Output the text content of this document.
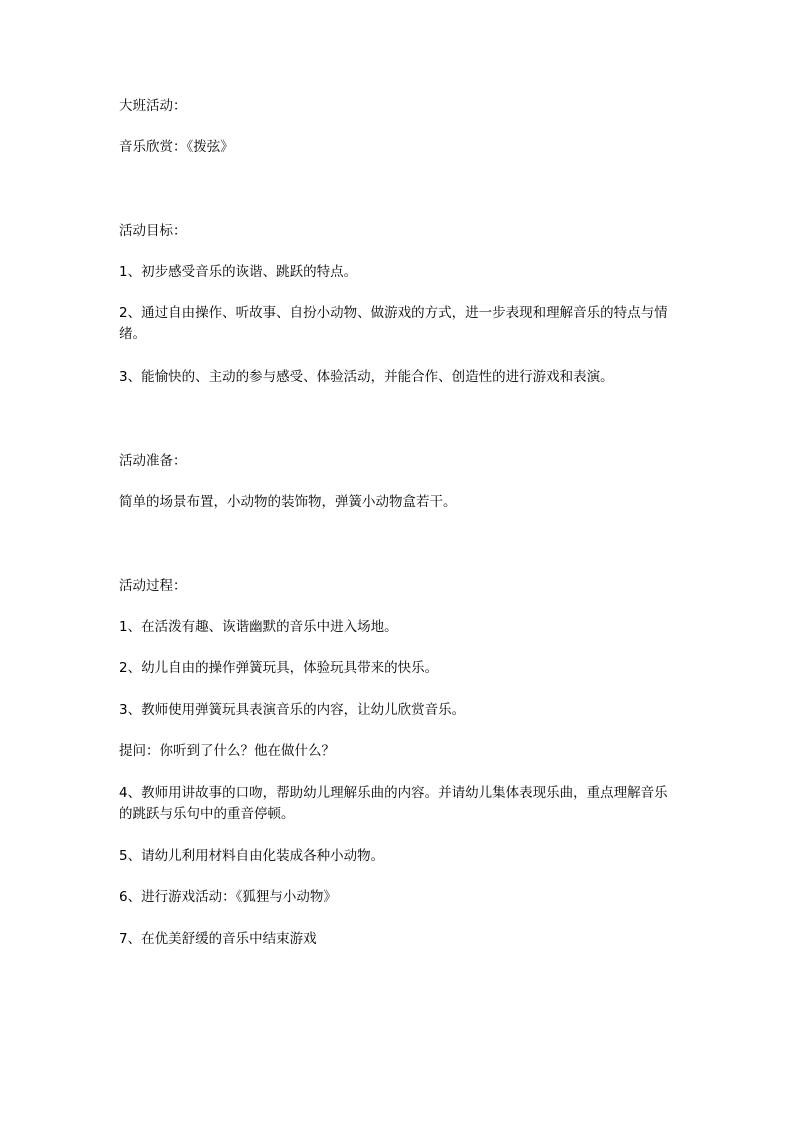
大班活动：

音乐欣赏：《拨弦》

活动目标：

1、初步感受音乐的诙谐、跳跃的特点。

2、通过自由操作、听故事、自扮小动物、做游戏的方式，进一步表现和理解音乐的特点与情绪。

3、能愉快的、主动的参与感受、体验活动，并能合作、创造性的进行游戏和表演。

活动准备：

简单的场景布置，小动物的装饰物，弹簧小动物盒若干。

活动过程：

1、在活泼有趣、诙谐幽默的音乐中进入场地。

2、幼儿自由的操作弹簧玩具，体验玩具带来的快乐。

3、教师使用弹簧玩具表演音乐的内容，让幼儿欣赏音乐。

提问：你听到了什么？他在做什么？

4、教师用讲故事的口吻，帮助幼儿理解乐曲的内容。并请幼儿集体表现乐曲，重点理解音乐的跳跃与乐句中的重音停顿。

5、请幼儿利用材料自由化装成各种小动物。

6、进行游戏活动：《狐狸与小动物》

7、在优美舒缓的音乐中结束游戏
